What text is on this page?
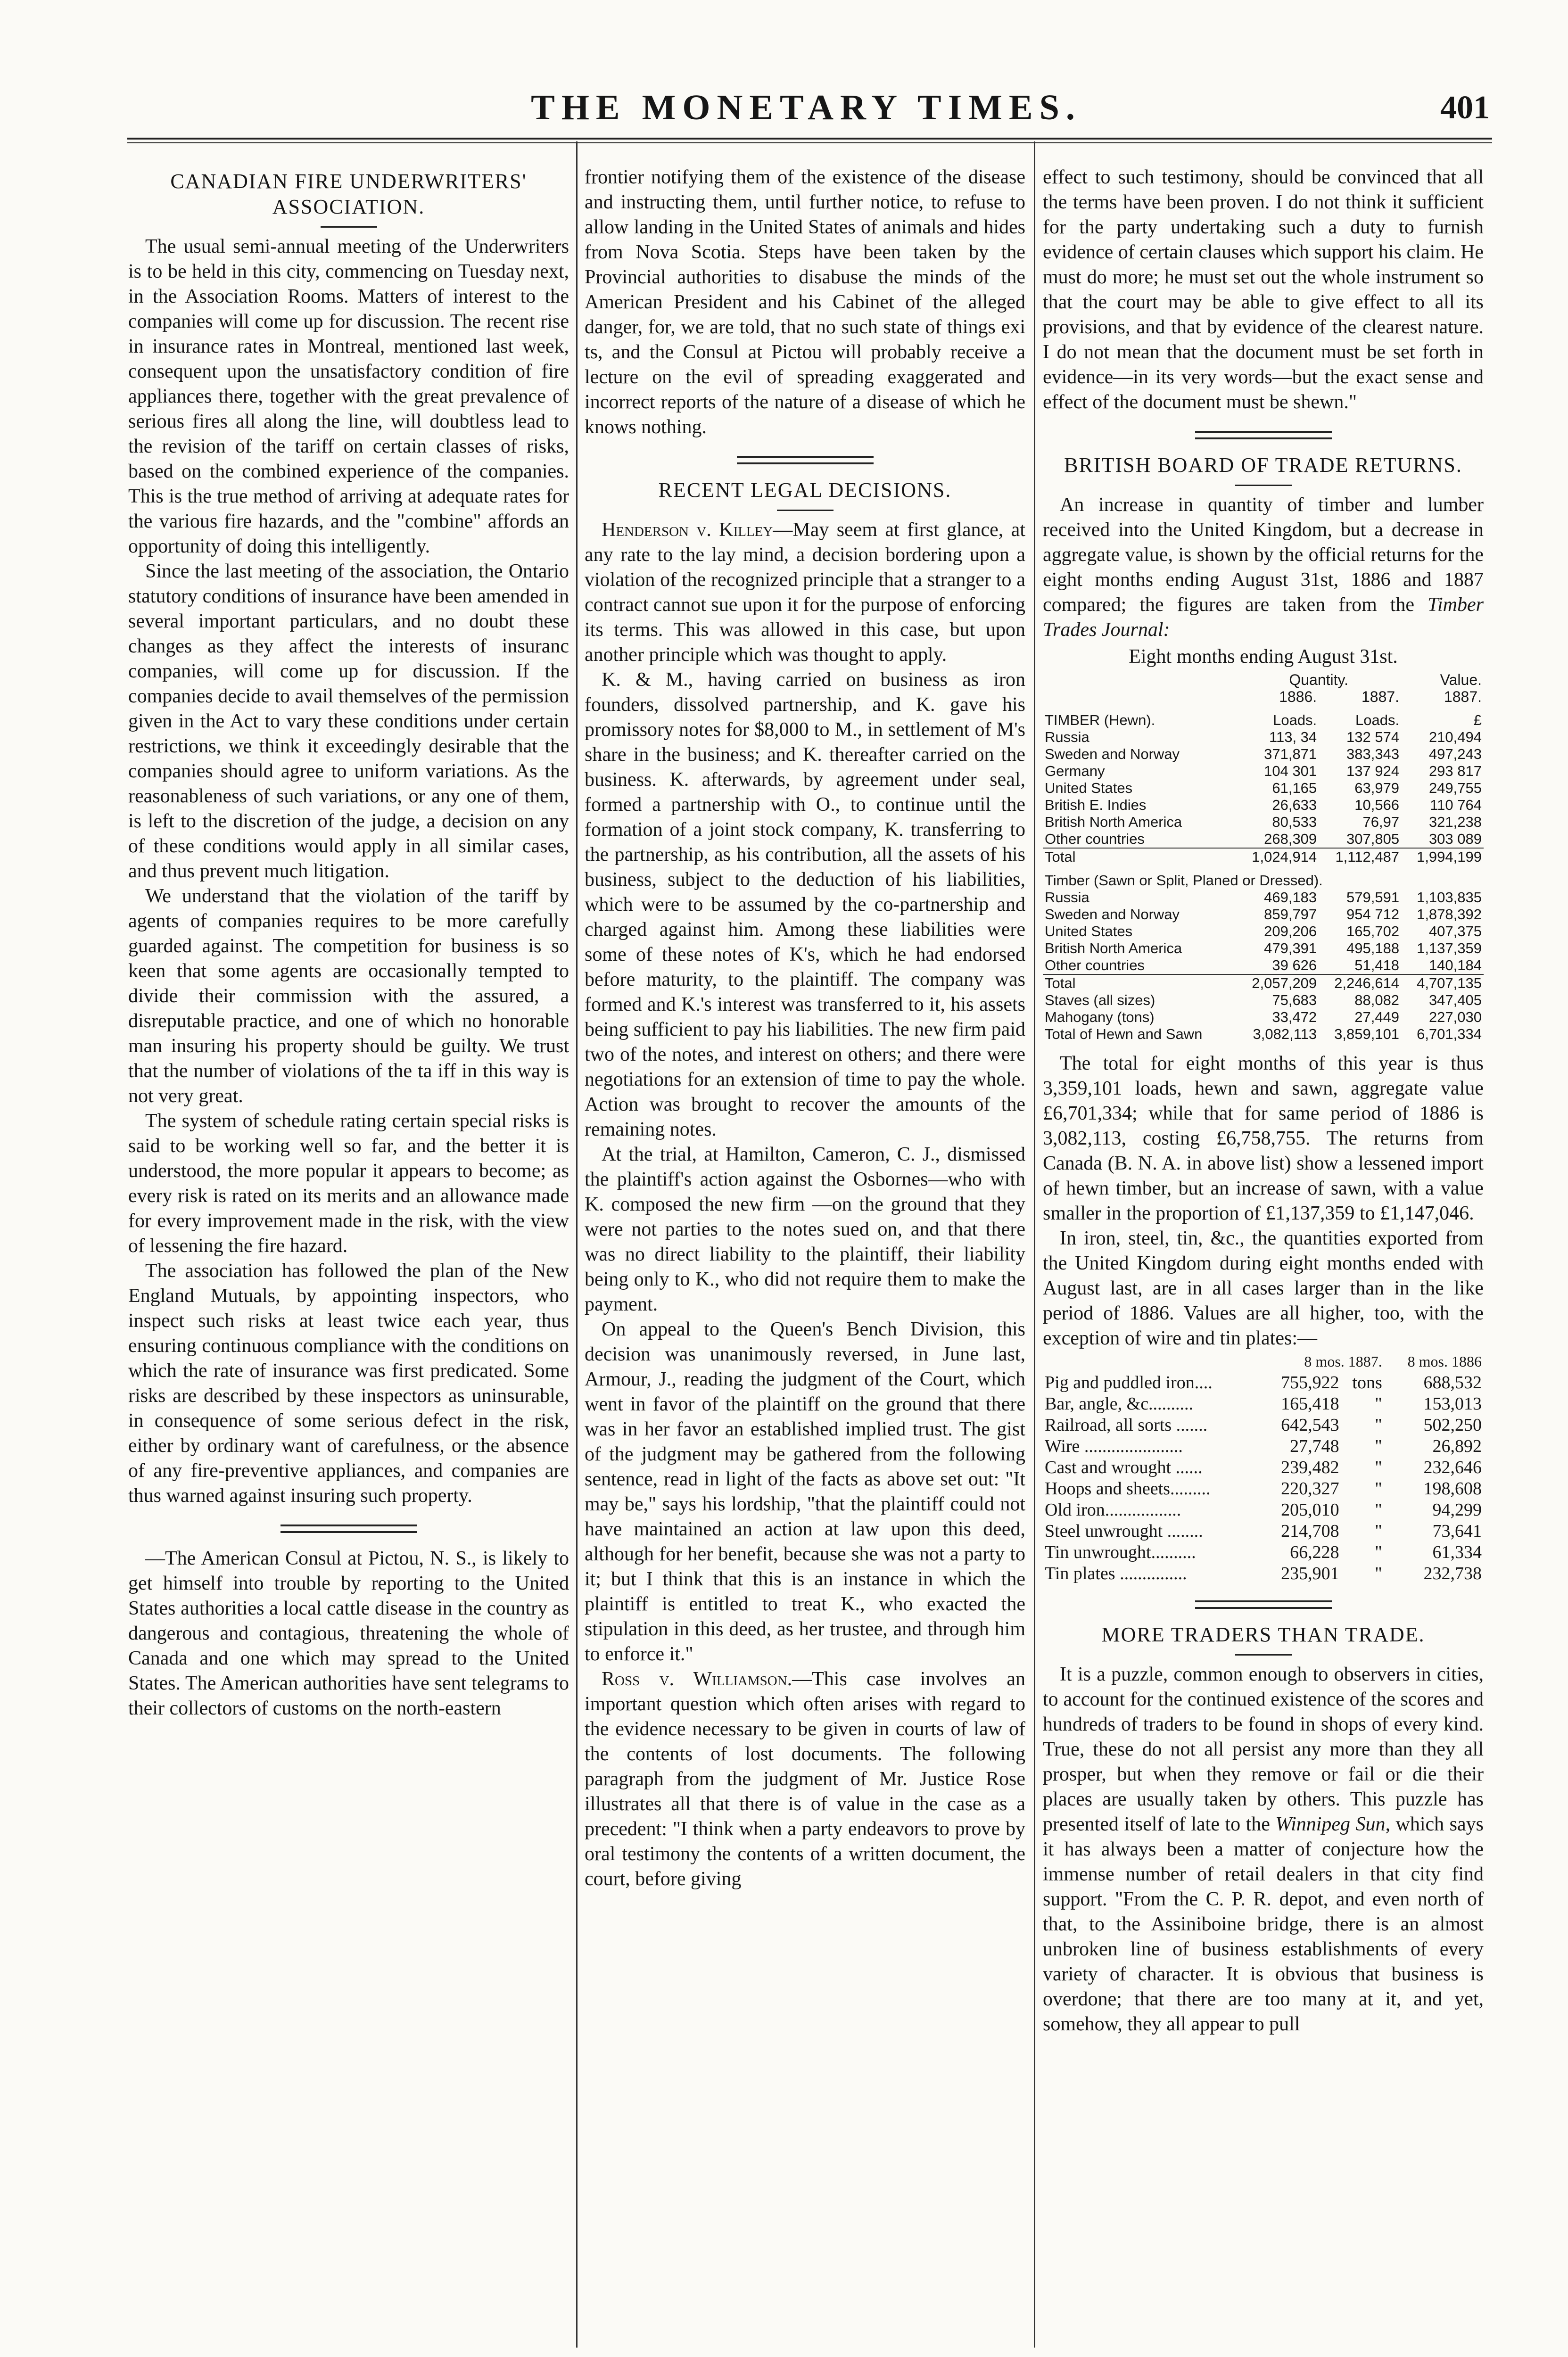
THE MONETARY TIMES.	401
CANADIAN FIRE UNDERWRITERS' ASSOCIATION.

The usual semi-annual meeting of the Underwriters is to be held in this city, commencing on Tuesday next, in the Association Rooms. Matters of interest to the companies will come up for discussion. The recent rise in insurance rates in Montreal, mentioned last week, consequent upon the unsatisfactory condition of fire appliances there, together with the great prevalence of serious fires all along the line, will doubtless lead to the revision of the tariff on certain classes of risks, based on the combined experience of the companies. This is the true method of arriving at adequate rates for the various fire hazards, and the "combine" affords an opportunity of doing this intelligently.

Since the last meeting of the association, the Ontario statutory conditions of insurance have been amended in several important particulars, and no doubt these changes as they affect the interests of insuranc companies, will come up for discussion. If the companies decide to avail themselves of the permission given in the Act to vary these conditions under certain restrictions, we think it exceedingly desirable that the companies should agree to uniform variations. As the reasonableness of such variations, or any one of them, is left to the discretion of the judge, a decision on any of these conditions would apply in all similar cases, and thus prevent much litigation.

We understand that the violation of the tariff by agents of companies requires to be more carefully guarded against. The competition for business is so keen that some agents are occasionally tempted to divide their commission with the assured, a disreputable practice, and one of which no honorable man insuring his property should be guilty. We trust that the number of violations of the ta iff in this way is not very great.

The system of schedule rating certain special risks is said to be working well so far, and the better it is understood, the more popular it appears to become; as every risk is rated on its merits and an allowance made for every improvement made in the risk, with the view of lessening the fire hazard.

The association has followed the plan of the New England Mutuals, by appointing inspectors, who inspect such risks at least twice each year, thus ensuring continuous compliance with the conditions on which the rate of insurance was first predicated. Some risks are described by these inspectors as uninsurable, in consequence of some serious defect in the risk, either by ordinary want of carefulness, or the absence of any fire-preventive appliances, and companies are thus warned against insuring such property.

—The American Consul at Pictou, N. S., is likely to get himself into trouble by reporting to the United States authorities a local cattle disease in the country as dangerous and contagious, threatening the whole of Canada and one which may spread to the United States. The American authorities have sent telegrams to their collectors of customs on the north-eastern

frontier notifying them of the existence of the disease and instructing them, until further notice, to refuse to allow landing in the United States of animals and hides from Nova Scotia. Steps have been taken by the Provincial authorities to disabuse the minds of the American President and his Cabinet of the alleged danger, for, we are told, that no such state of things exi ts, and the Consul at Pictou will probably receive a lecture on the evil of spreading exaggerated and incorrect reports of the nature of a disease of which he knows nothing.

RECENT LEGAL DECISIONS.

Henderson v. Killey—May seem at first glance, at any rate to the lay mind, a decision bordering upon a violation of the recognized principle that a stranger to a contract cannot sue upon it for the purpose of enforcing its terms. This was allowed in this case, but upon another principle which was thought to apply.

K. & M., having carried on business as iron founders, dissolved partnership, and K. gave his promissory notes for $8,000 to M., in settlement of M's share in the business; and K. thereafter carried on the business. K. afterwards, by agreement under seal, formed a partnership with O., to continue until the formation of a joint stock company, K. transferring to the partnership, as his contribution, all the assets of his business, subject to the deduction of his liabilities, which were to be assumed by the co-partnership and charged against him. Among these liabilities were some of these notes of K's, which he had endorsed before maturity, to the plaintiff. The company was formed and K.'s interest was transferred to it, his assets being sufficient to pay his liabilities. The new firm paid two of the notes, and interest on others; and there were negotiations for an extension of time to pay the whole. Action was brought to recover the amounts of the remaining notes.

At the trial, at Hamilton, Cameron, C. J., dismissed the plaintiff's action against the Osbornes—who with K. composed the new firm —on the ground that they were not parties to the notes sued on, and that there was no direct liability to the plaintiff, their liability being only to K., who did not require them to make the payment.

On appeal to the Queen's Bench Division, this decision was unanimously reversed, in June last, Armour, J., reading the judgment of the Court, which went in favor of the plaintiff on the ground that there was in her favor an established implied trust. The gist of the judgment may be gathered from the following sentence, read in light of the facts as above set out: "It may be," says his lordship, "that the plaintiff could not have maintained an action at law upon this deed, although for her benefit, because she was not a party to it; but I think that this is an instance in which the plaintiff is entitled to treat K., who exacted the stipulation in this deed, as her trustee, and through him to enforce it."

Ross v. Williamson.—This case involves an important question which often arises with regard to the evidence necessary to be given in courts of law of the contents of lost documents. The following paragraph from the judgment of Mr. Justice Rose illustrates all that there is of value in the case as a precedent: "I think when a party endeavors to prove by oral testimony the contents of a written document, the court, before giving

effect to such testimony, should be convinced that all the terms have been proven. I do not think it sufficient for the party undertaking such a duty to furnish evidence of certain clauses which support his claim. He must do more; he must set out the whole instrument so that the court may be able to give effect to all its provisions, and that by evidence of the clearest nature. I do not mean that the document must be set forth in evidence—in its very words—but the exact sense and effect of the document must be shewn."

BRITISH BOARD OF TRADE RETURNS.

An increase in quantity of timber and lumber received into the United Kingdom, but a decrease in aggregate value, is shown by the official returns for the eight months ending August 31st, 1886 and 1887 compared; the figures are taken from the Timber Trades Journal:

Eight months ending August 31st.
	Quantity.		Value.
	1886.	1887.	1887.
TIMBER (Hewn).	Loads.	Loads.	£
Russia	113, 34	132 574	210,494
Sweden and Norway	371,871	383,343	497,243
Germany	104 301	137 924	293 817
United States	61,165	63,979	249,755
British E. Indies	26,633	10,566	110 764
British North America	80,533	76,97	321,238
Other countries	268,309	307,805	303 089
Total	1,024,914	1,112,487	1,994,199
Timber (Sawn or Split, Planed or Dressed).			
Russia	469,183	579,591	1,103,835
Sweden and Norway	859,797	954 712	1,878,392
United States	209,206	165,702	407,375
British North America	479,391	495,188	1,137,359
Other countries	39 626	51,418	140,184
Total	2,057,209	2,246,614	4,707,135
Staves (all sizes)	75,683	88,082	347,405
Mahogany (tons)	33,472	27,449	227,030
Total of Hewn and Sawn	3,082,113	3,859,101	6,701,334

The total for eight months of this year is thus 3,359,101 loads, hewn and sawn, aggregate value £6,701,334; while that for same period of 1886 is 3,082,113, costing £6,758,755. The returns from Canada (B. N. A. in above list) show a lessened import of hewn timber, but an increase of sawn, with a value smaller in the proportion of £1,137,359 to £1,147,046.

In iron, steel, tin, &c., the quantities exported from the United Kingdom during eight months ended with August last, are in all cases larger than in the like period of 1886. Values are all higher, too, with the exception of wire and tin plates:—

	8 mos. 1887.		8 mos. 1886
Pig and puddled iron....	755,922	tons	688,532
Bar, angle, &c..........	165,418	"	153,013
Railroad, all sorts .......	642,543	"	502,250
Wire ......................	27,748	"	26,892
Cast and wrought ......	239,482	"	232,646
Hoops and sheets.........	220,327	"	198,608
Old iron.................	205,010	"	94,299
Steel unwrought ........	214,708	"	73,641
Tin unwrought..........	66,228	"	61,334
Tin plates ...............	235,901	"	232,738
MORE TRADERS THAN TRADE.

It is a puzzle, common enough to observers in cities, to account for the continued existence of the scores and hundreds of traders to be found in shops of every kind. True, these do not all persist any more than they all prosper, but when they remove or fail or die their places are usually taken by others. This puzzle has presented itself of late to the Winnipeg Sun, which says it has always been a matter of conjecture how the immense number of retail dealers in that city find support. "From the C. P. R. depot, and even north of that, to the Assiniboine bridge, there is an almost unbroken line of business establishments of every variety of character. It is obvious that business is overdone; that there are too many at it, and yet, somehow, they all appear to pull
